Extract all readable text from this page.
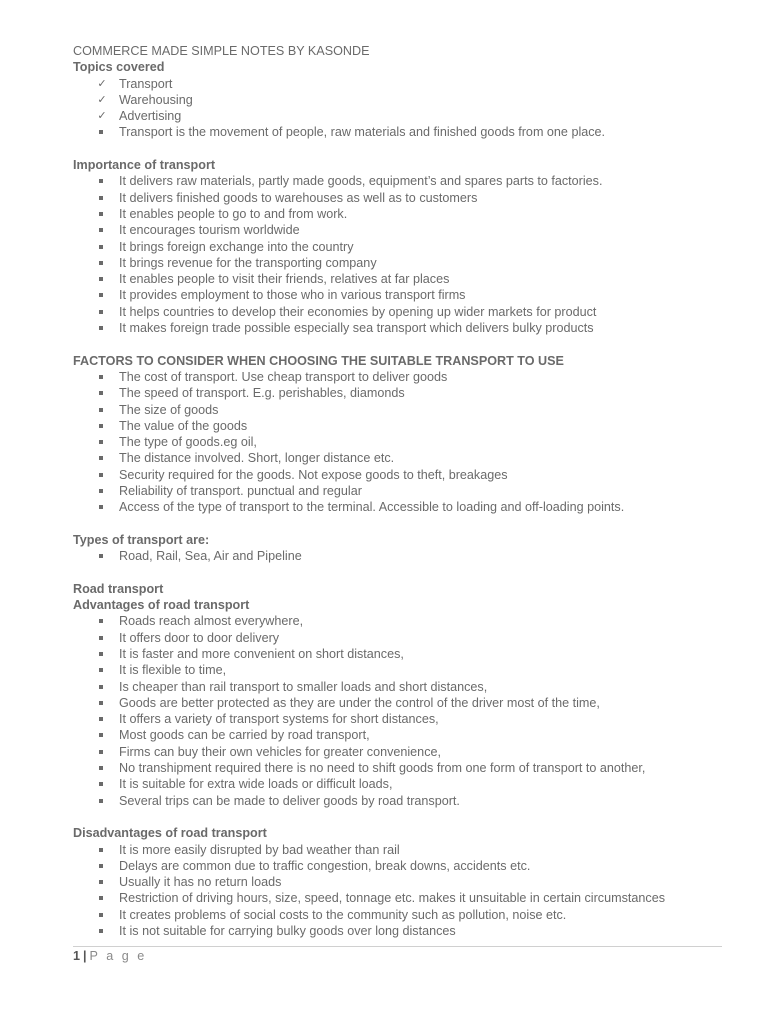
COMMERCE MADE SIMPLE NOTES BY KASONDE
Topics covered
✓ Transport
✓ Warehousing
✓ Advertising
Transport is the movement of people, raw materials and finished goods from one place.
Importance of transport
It delivers raw materials, partly made goods, equipment’s and spares parts to factories.
It delivers finished goods to warehouses as well as to customers
It enables people to go to and from work.
It encourages tourism worldwide
It brings foreign exchange into the country
It brings revenue for the transporting company
It enables people to visit their friends, relatives at far places
It provides employment to those who in various transport firms
It helps countries to develop their economies by opening up wider markets for product
It makes foreign trade possible especially sea transport which delivers bulky products
FACTORS TO CONSIDER WHEN CHOOSING THE SUITABLE TRANSPORT TO USE
The cost of transport. Use cheap transport to deliver goods
The speed of transport. E.g. perishables, diamonds
The size of goods
The value of the goods
The type of goods.eg oil,
The distance involved. Short, longer distance etc.
Security required for the goods. Not expose goods to theft, breakages
Reliability of transport. punctual and regular
Access of the type of transport to the terminal. Accessible to loading and off-loading points.
Types of transport are:
Road, Rail, Sea, Air and Pipeline
Road transport
Advantages of road transport
Roads reach almost everywhere,
It offers door to door delivery
It is faster and more convenient on short distances,
It is flexible to time,
Is cheaper than rail transport to smaller loads and short distances,
Goods are better protected as they are under the control of the driver most of the time,
It offers a variety of transport systems for short distances,
Most goods can be carried by road transport,
Firms can buy their own vehicles for greater convenience,
No transhipment required there is no need to shift goods from one form of transport to another,
It is suitable for extra wide loads or difficult loads,
Several trips can be made to deliver goods by road transport.
Disadvantages of road transport
It is more easily disrupted by bad weather than rail
Delays are common due to traffic congestion, break downs, accidents etc.
Usually it has no return loads
Restriction of driving hours, size, speed, tonnage etc. makes it unsuitable in certain circumstances
It creates problems of social costs to the community such as pollution, noise etc.
It is not suitable for carrying bulky goods over long distances
1 | P a g e
